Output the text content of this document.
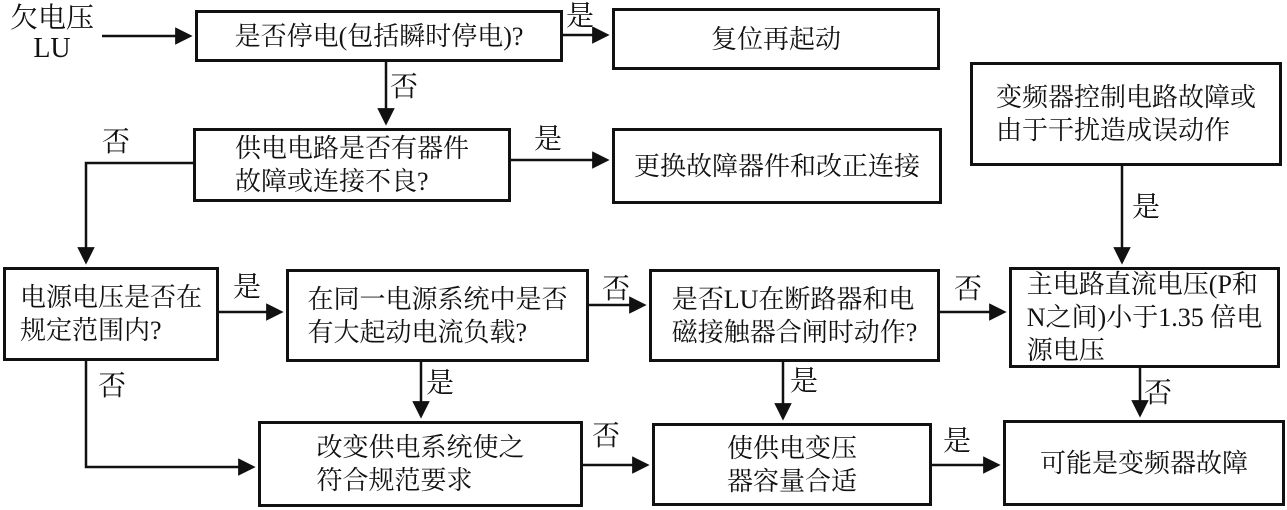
欠电压
LU	是否停电(包括瞬时停电)?	复位再起动
变频器控制电路故障或
由于干扰造成误动作
供电电路是否有器件
故障或连接不良?
更换故障器件和改正连接
电源电压是否在
规定范围内?
在同一电源系统中是否
有大起动电流负载?
是否LU在断路器和电
磁接触器合闸时动作?
主电路直流电压(P和
N之间)小于1.35 倍电
源电压
改变供电系统使之
符合规范要求
使供电变压
器容量合适
可能是变频器故障
是
否
是
否
是
是	否	否
否	是	是	否
否	是
